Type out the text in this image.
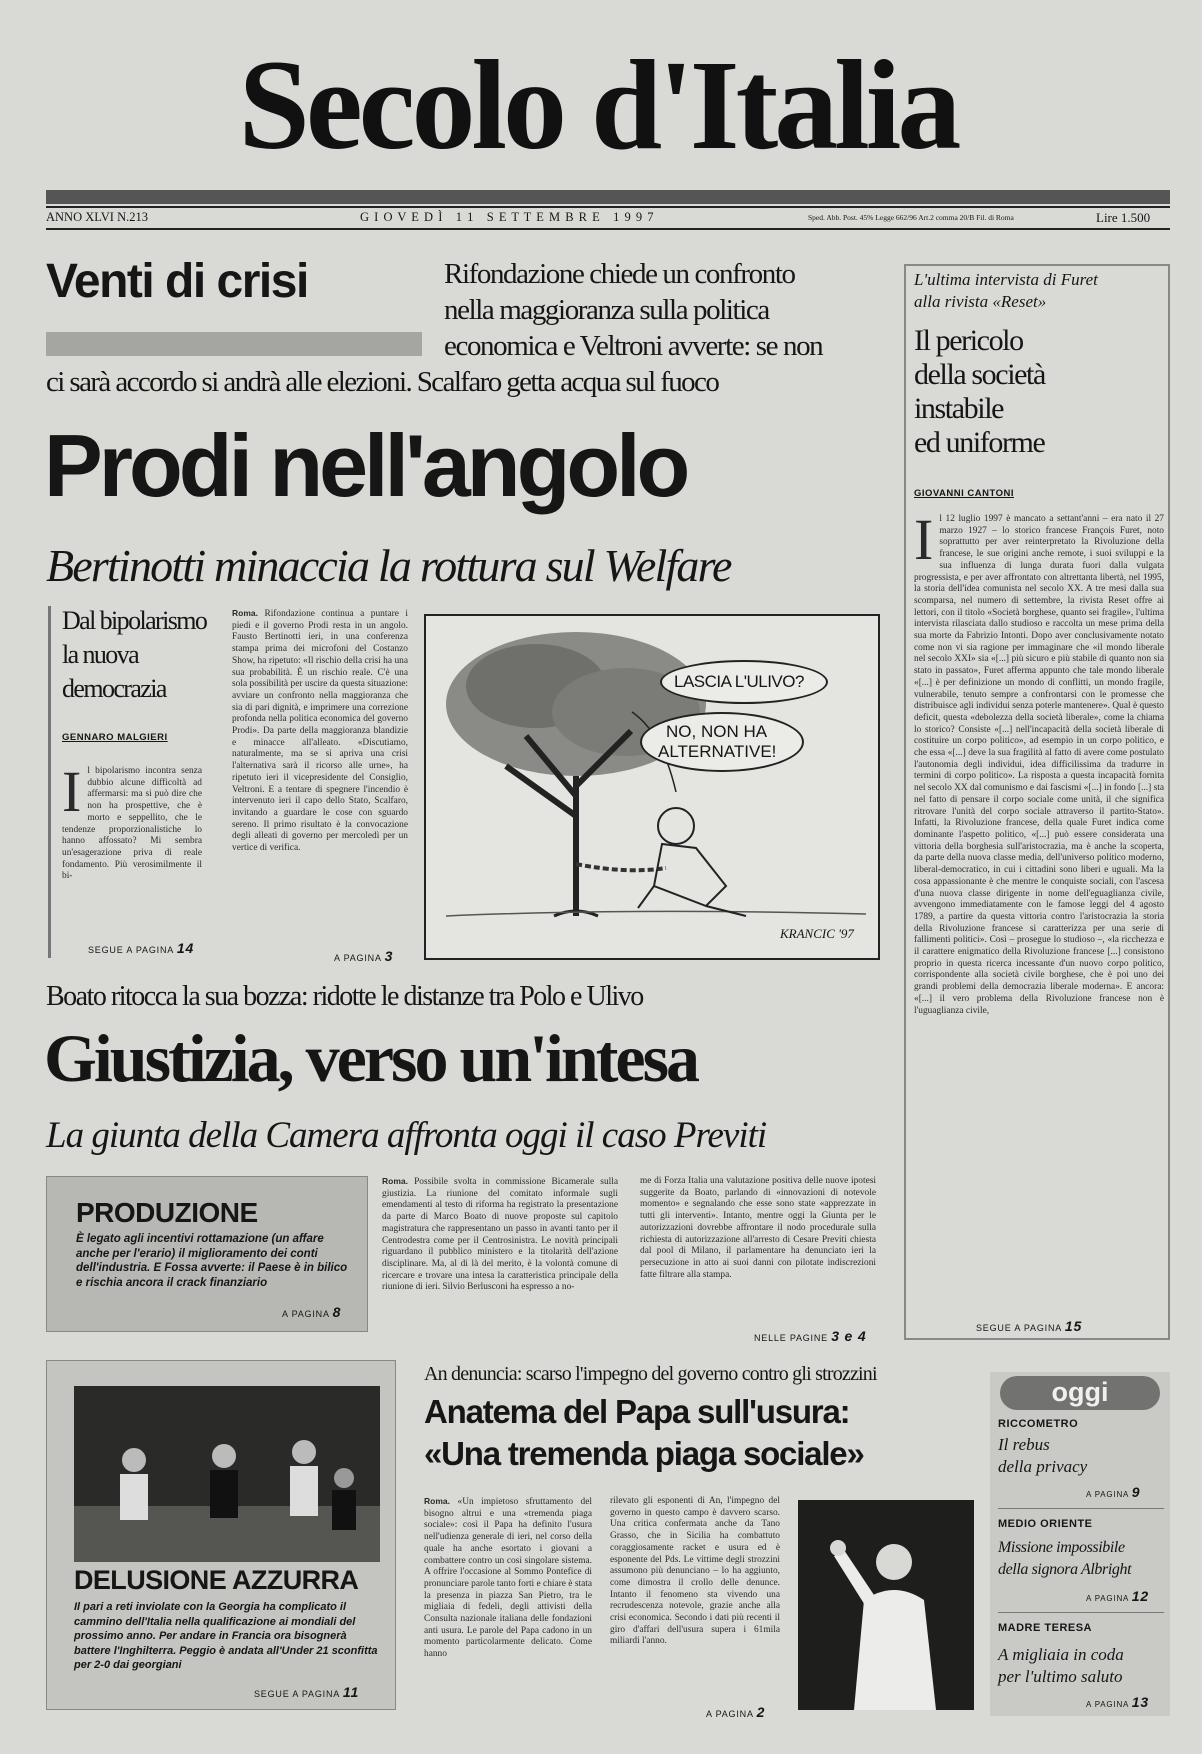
Secolo d'Italia
ANNO XLVI N.213	G I O V E D Ì   1 1   S E T T E M B R E   1 9 9 7	Sped. Abb. Post. 45% Legge 662/96 Art.2 comma 20/B Fil. di Roma	Lire 1.500
Venti di crisi	Rifondazione chiede un confronto
nella maggioranza sulla politica
economica e Veltroni avverte: se non
ci sarà accordo si andrà alle elezioni. Scalfaro getta acqua sul fuoco
Prodi nell'angolo
Bertinotti minaccia la rottura sul Welfare
Dal bipolarismo
la nuova
democrazia
GENNARO MALGIERI
Il bipolarismo incontra senza dubbio alcune difficoltà ad affermarsi: ma si può dire che non ha prospettive, che è morto e seppellito, che le tendenze proporzionalistiche lo hanno affossato? Mi sembra un'esagerazione priva di reale fondamento. Più verosimilmente il bi-
SEGUE A PAGINA 14
Roma. Rifondazione continua a puntare i piedi e il governo Prodi resta in un angolo. Fausto Bertinotti ieri, in una conferenza stampa prima dei microfoni del Costanzo Show, ha ripetuto: «Il rischio della crisi ha una sua probabilità. È un rischio reale. C'è una sola possibilità per uscire da questa situazione: avviare un confronto nella maggioranza che sia di pari dignità, e imprimere una correzione profonda nella politica economica del governo Prodi». Da parte della maggioranza blandizie e minacce all'alleato. «Discutiamo, naturalmente, ma se si apriva una crisi l'alternativa sarà il ricorso alle urne», ha ripetuto ieri il vicepresidente del Consiglio, Veltroni. E a tentare di spegnere l'incendio è intervenuto ieri il capo dello Stato, Scalfaro, invitando a guardare le cose con sguardo sereno. Il primo risultato è la convocazione degli alleati di governo per mercoledì per un vertice di verifica.
A PAGINA 3
LASCIA L'ULIVO?
NO, NON HA
ALTERNATIVE!
KRANCIC '97
Boato ritocca la sua bozza: ridotte le distanze tra Polo e Ulivo
Giustizia, verso un'intesa
La giunta della Camera affronta oggi il caso Previti
PRODUZIONE
È legato agli incentivi rottamazione (un affare anche per l'erario) il miglioramento dei conti dell'industria. E Fossa avverte: il Paese è in bilico e rischia ancora il crack finanziario
A PAGINA 8
Roma. Possibile svolta in commissione Bicamerale sulla giustizia. La riunione del comitato informale sugli emendamenti al testo di riforma ha registrato la presentazione da parte di Marco Boato di nuove proposte sul capitolo magistratura che rappresentano un passo in avanti tanto per il Centrodestra come per il Centrosinistra. Le novità principali riguardano il pubblico ministero e la titolarità dell'azione disciplinare. Ma, al di là del merito, è la volontà comune di ricercare e trovare una intesa la caratteristica principale della riunione di ieri. Silvio Berlusconi ha espresso a no-
me di Forza Italia una valutazione positiva delle nuove ipotesi suggerite da Boato, parlando di «innovazioni di notevole momento» e segnalando che esse sono state «apprezzate in tutti gli interventi». Intanto, mentre oggi la Giunta per le autorizzazioni dovrebbe affrontare il nodo procedurale sulla richiesta di autorizzazione all'arresto di Cesare Previti chiesta dal pool di Milano, il parlamentare ha denunciato ieri la persecuzione in atto ai suoi danni con pilotate indiscrezioni fatte filtrare alla stampa.
NELLE PAGINE 3 e 4
L'ultima intervista di Furet
alla rivista «Reset»
Il pericolo
della società
instabile
ed uniforme
GIOVANNI CANTONI
Il 12 luglio 1997 è mancato a settant'anni – era nato il 27 marzo 1927 – lo storico francese François Furet, noto soprattutto per aver reinterpretato la Rivoluzione della francese, le sue origini anche remote, i suoi sviluppi e la sua influenza di lunga durata fuori dalla vulgata progressista, e per aver affrontato con altrettanta libertà, nel 1995, la storia dell'idea comunista nel secolo XX. A tre mesi dalla sua scomparsa, nel numero di settembre, la rivista Reset offre ai lettori, con il titolo «Società borghese, quanto sei fragile», l'ultima intervista rilasciata dallo studioso e raccolta un mese prima della sua morte da Fabrizio Intonti. Dopo aver conclusivamente notato come non vi sia ragione per immaginare che «il mondo liberale nel secolo XXI» sia «[...] più sicuro e più stabile di quanto non sia stato in passato», Furet afferma appunto che tale mondo liberale «[...] è per definizione un mondo di conflitti, un mondo fragile, vulnerabile, tenuto sempre a confrontarsi con le promesse che distribuisce agli individui senza poterle mantenere». Qual è questo deficit, questa «debolezza della società liberale», come la chiama lo storico? Consiste «[...] nell'incapacità della società liberale di costituire un corpo politico», ad esempio in un corpo politico, e che essa «[...] deve la sua fragilità al fatto di avere come postulato l'autonomia degli individui, idea difficilissima da tradurre in termini di corpo politico». La risposta a questa incapacità fornita nel secolo XX dal comunismo e dai fascismi «[...] in fondo [...] sta nel fatto di pensare il corpo sociale come unità, il che significa ritrovare l'unità del corpo sociale attraverso il partito-Stato». Infatti, la Rivoluzione francese, della quale Furet indica come dominante l'aspetto politico, «[...] può essere considerata una vittoria della borghesia sull'aristocrazia, ma è anche la scoperta, da parte della nuova classe media, dell'universo politico moderno, liberal-democratico, in cui i cittadini sono liberi e uguali. Ma la cosa appassionante è che mentre le conquiste sociali, con l'ascesa d'una nuova classe dirigente in nome dell'eguaglianza civile, avvengono immediatamente con le famose leggi del 4 agosto 1789, a partire da questa vittoria contro l'aristocrazia la storia della Rivoluzione francese si caratterizza per una serie di fallimenti politici». Così – prosegue lo studioso –, «la ricchezza e il carattere enigmatico della Rivoluzione francese [...] consistono proprio in questa ricerca incessante d'un nuovo corpo politico, corrispondente alla società civile borghese, che è poi uno dei grandi problemi della democrazia liberale moderna». E ancora: «[...] il vero problema della Rivoluzione francese non è l'uguaglianza civile,
SEGUE A PAGINA 15
DELUSIONE AZZURRA
Il pari a reti inviolate con la Georgia ha complicato il cammino dell'Italia nella qualificazione ai mondiali del prossimo anno. Per andare in Francia ora bisognerà battere l'Inghilterra. Peggio è andata all'Under 21 sconfitta per 2-0 dai georgiani
SEGUE A PAGINA 11
An denuncia: scarso l'impegno del governo contro gli strozzini
Anatema del Papa sull'usura:
«Una tremenda piaga sociale»
Roma. «Un impietoso sfruttamento del bisogno altrui e una «tremenda piaga sociale»: così il Papa ha definito l'usura nell'udienza generale di ieri, nel corso della quale ha anche esortato i giovani a combattere contro un così singolare sistema. A offrire l'occasione al Sommo Pontefice di pronunciare parole tanto forti e chiare è stata la presenza in piazza San Pietro, tra le migliaia di fedeli, degli attivisti della Consulta nazionale italiana delle fondazioni anti usura. Le parole del Papa cadono in un momento particolarmente delicato. Come hanno
rilevato gli esponenti di An, l'impegno del governo in questo campo è davvero scarso. Una critica confermata anche da Tano Grasso, che in Sicilia ha combattuto coraggiosamente racket e usura ed è esponente del Pds. Le vittime degli strozzini assumono più denunciano – lo ha aggiunto, come dimostra il crollo delle denunce. Intanto il fenomeno sta vivendo una recrudescenza notevole, grazie anche alla crisi economica. Secondo i dati più recenti il giro d'affari dell'usura supera i 61mila miliardi l'anno.
A PAGINA 2
oggi
RICCOMETRO
Il rebus
della privacy
A PAGINA 9
MEDIO ORIENTE
Missione impossibile
della signora Albright
A PAGINA 12
MADRE TERESA
A migliaia in coda
per l'ultimo saluto
A PAGINA 13
